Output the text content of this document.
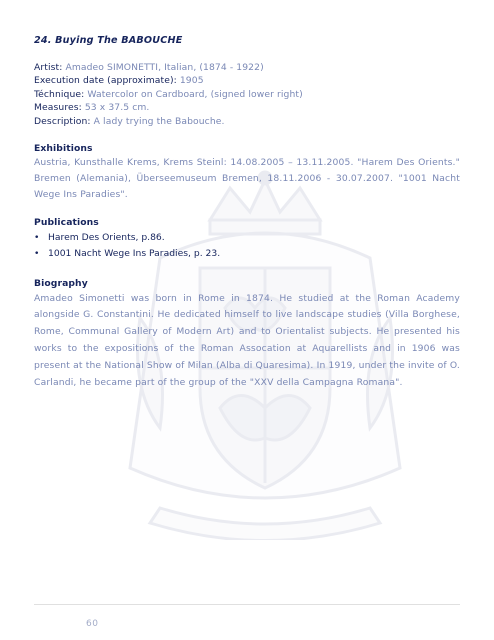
24. Buying The BABOUCHE
Artist: Amadeo SIMONETTI, Italian, (1874 - 1922)
Execution date (approximate): 1905
Téchnique: Watercolor on Cardboard, (signed lower right)
Measures: 53 x 37.5 cm.
Description: A lady trying the Babouche.
Exhibitions
Austria, Kunsthalle Krems, Krems Steinl: 14.08.2005 – 13.11.2005. "Harem Des Orients." Bremen (Alemania), Überseemuseum Bremen, 18.11.2006 - 30.07.2007. "1001 Nacht Wege Ins Paradies".
Publications
• Harem Des Orients, p.86.
• 1001 Nacht Wege Ins Paradies, p. 23.
Biography
Amadeo Simonetti was born in Rome in 1874. He studied at the Roman Academy alongside G. Constantini. He dedicated himself to live landscape studies (Villa Borghese, Rome, Communal Gallery of Modern Art) and to Orientalist subjects. He presented his works to the expositions of the Roman Assocation at Aquarellists and in 1906 was present at the National Show of Milan (Alba di Quaresima). In 1919, under the invite of O. Carlandi, he became part of the group of the "XXV della Campagna Romana".
60
